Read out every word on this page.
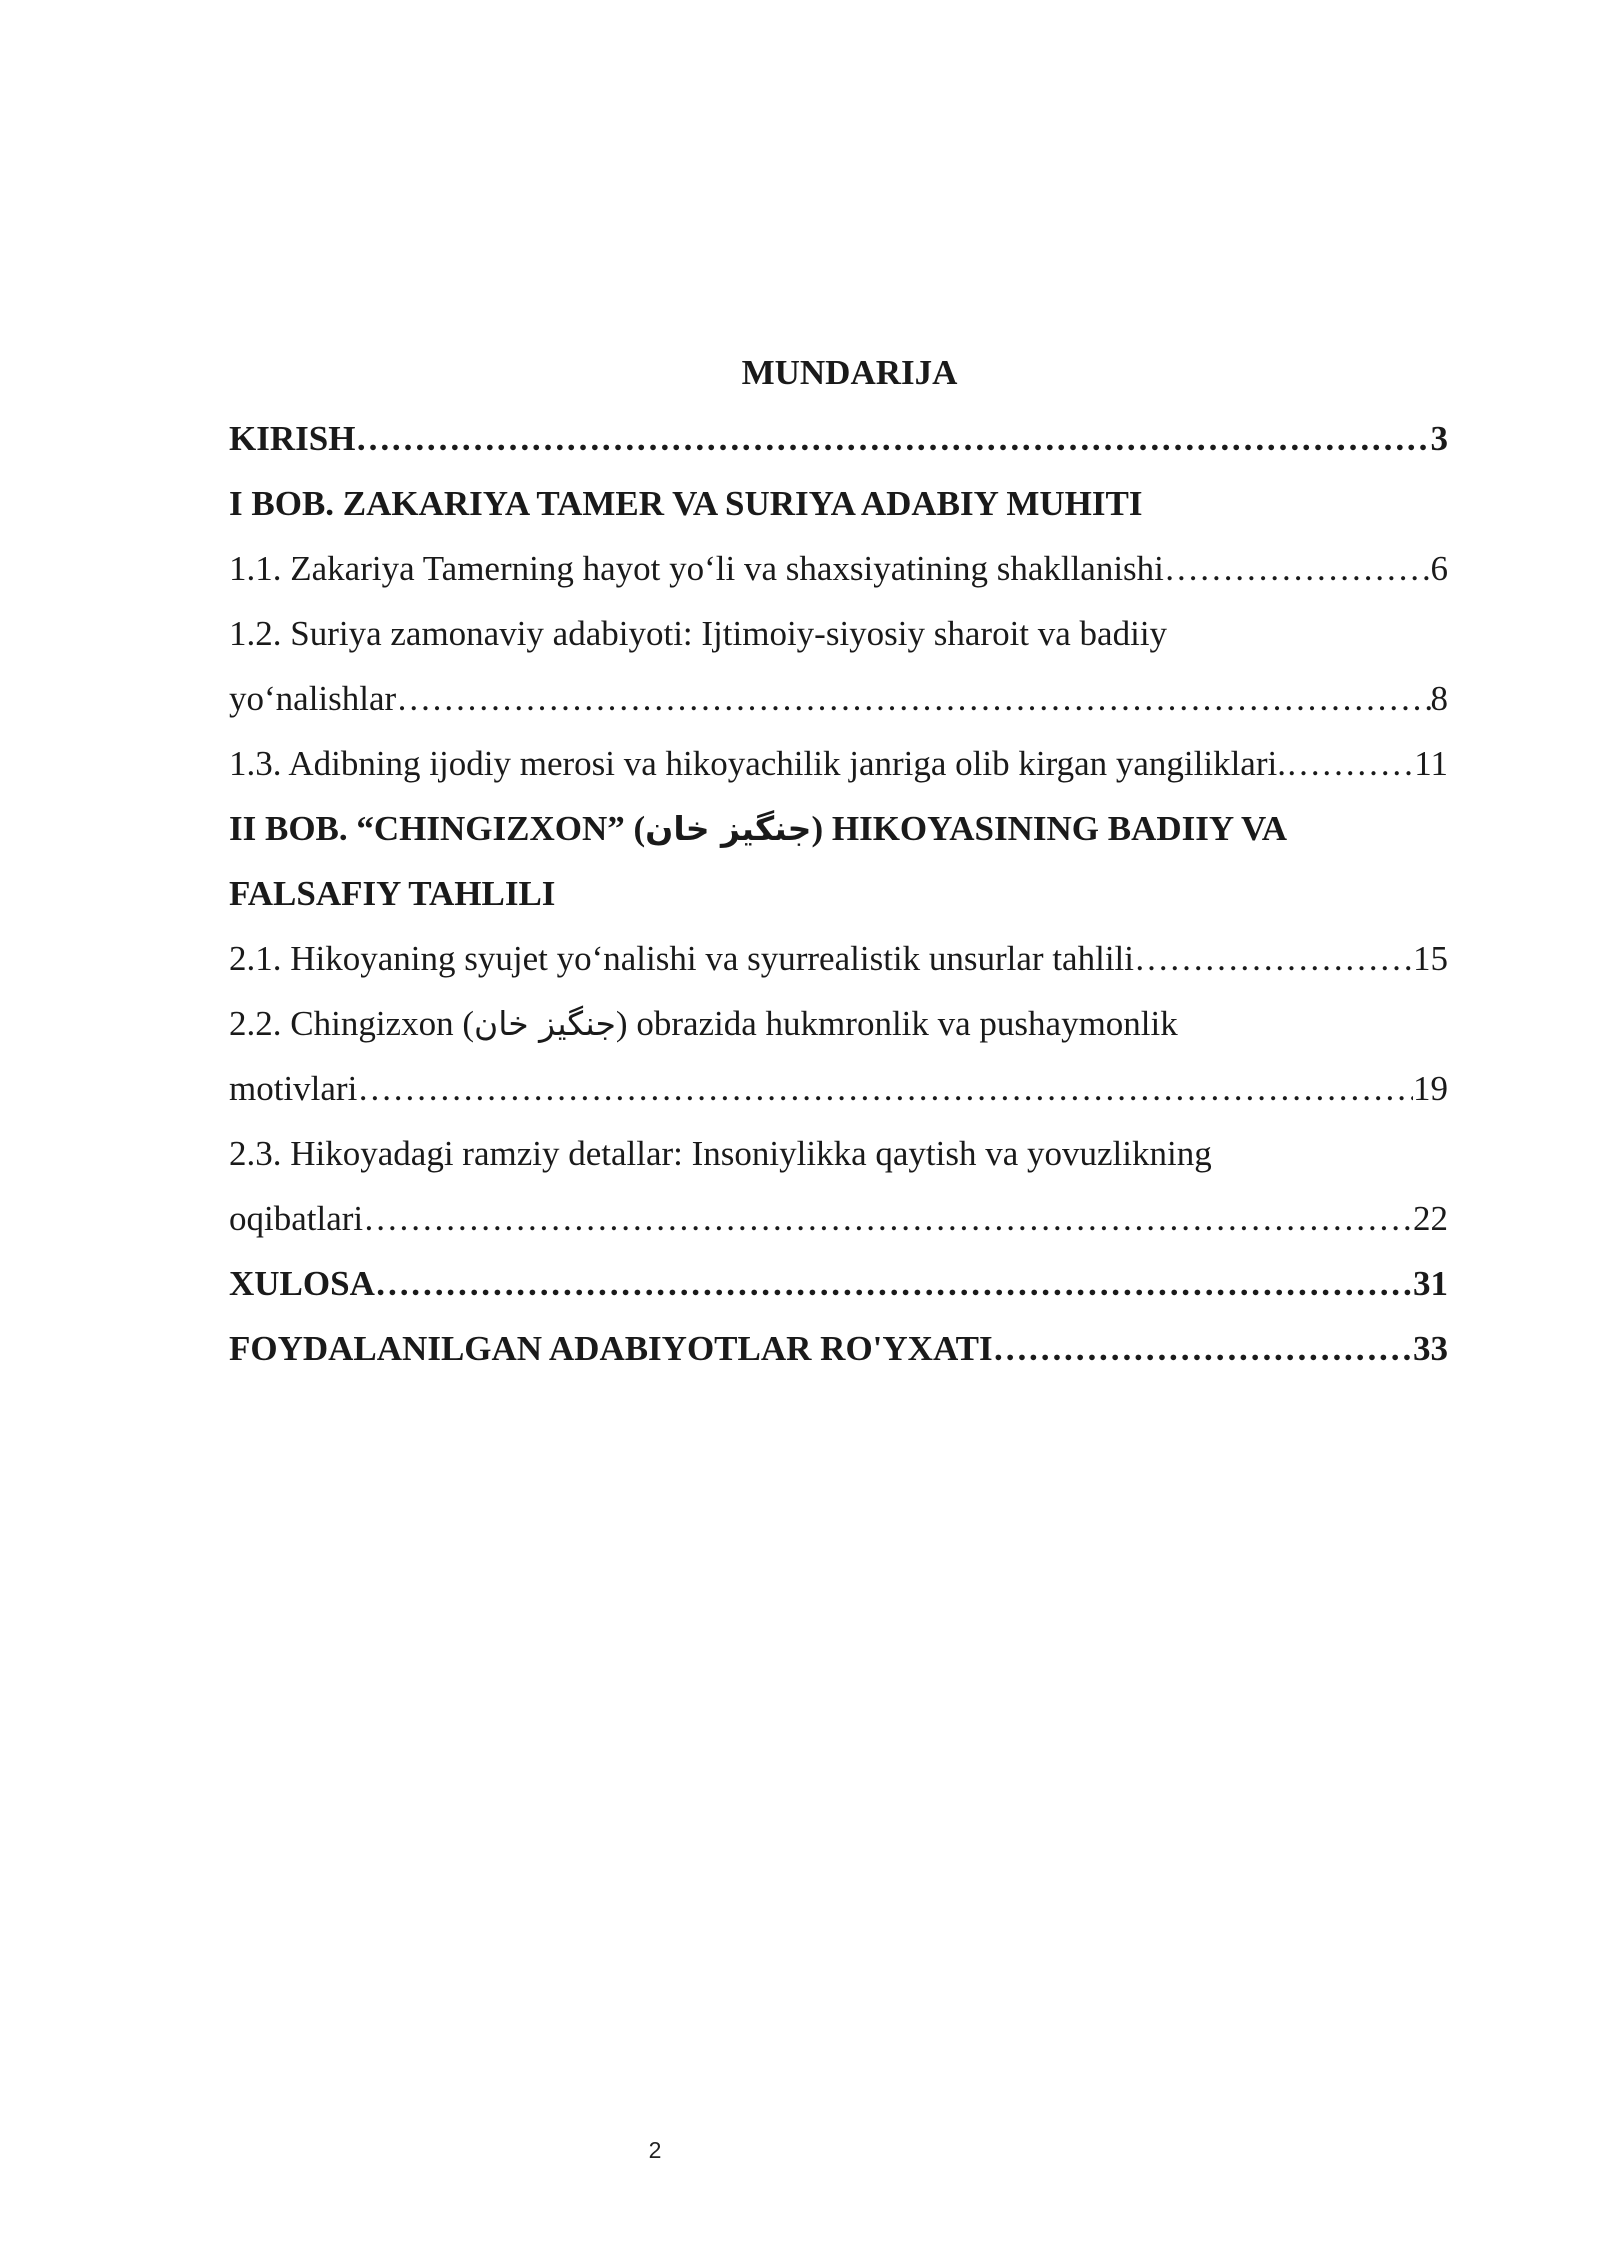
MUNDARIJA
KIRISH ……………………………………………………………………………………………………………………………………………………………………………………………………………………	3
I BOB. ZAKARIYA TAMER VA SURIYA ADABIY MUHITI
1.1. Zakariya Tamerning hayot yo‘li va shaxsiyatining shakllanishi ……………………………………………………………………………………………………………………………………………………………………………………………………………………	6
1.2. Suriya zamonaviy adabiyoti: Ijtimoiy-siyosiy sharoit va badiiy
yo‘nalishlar ……………………………………………………………………………………………………………………………………………………………………………………………………………………	8
1.3. Adibning ijodiy merosi va hikoyachilik janriga olib kirgan yangiliklari. ……………………………………………………………………………………………………………………………………………………………………………………………………………………	11
II BOB. “CHINGIZXON” (جنگیز خان) HIKOYASINING BADIIY VA
FALSAFIY TAHLILI
2.1. Hikoyaning syujet yo‘nalishi va syurrealistik unsurlar tahlili ……………………………………………………………………………………………………………………………………………………………………………………………………………………	15
2.2. Chingizxon (جنگیز خان) obrazida hukmronlik va pushaymonlik
motivlari ……………………………………………………………………………………………………………………………………………………………………………………………………………………	19
2.3. Hikoyadagi ramziy detallar: Insoniylikka qaytish va yovuzlikning
oqibatlari ……………………………………………………………………………………………………………………………………………………………………………………………………………………	22
XULOSA ……………………………………………………………………………………………………………………………………………………………………………………………………………………	31
FOYDALANILGAN ADABIYOTLAR RO'YXATI ……………………………………………………………………………………………………………………………………………………………………………………………………………………	33
2
